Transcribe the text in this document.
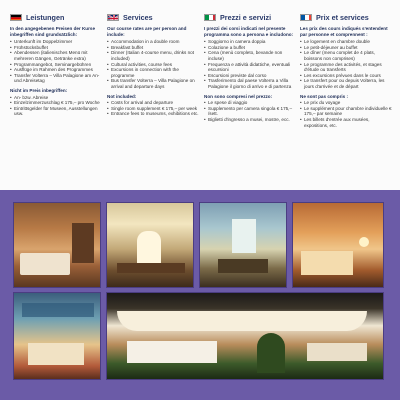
Leistungen
In den angegebenen Preisen der Kurse inbegriffen sind grundsätzlich:
• Unterkunft im Doppelzimmer
• Frühstücksbuffet
• Abendessen (italienisches Menü mit mehreren Gängen, Getränke extra)
• Programmangebot, Seminargebühren
• Ausflüge im Rahmen des Programmes
• Transfer Volterra – Villa Palagione am An- und Abreisetag
Nicht im Preis inbegriffen:
• An- bzw. Abreise
• Einzelzimmerzuschlag € 175,– pro Woche
• Eintrittsgelder für Museen, Ausstellungen usw.
Services
Our course rates are per person and include:
• Accommodation in a double room
• Breakfast buffet
• Dinner (Italian 4-course menu, drinks not included)
• Cultural activities, course fees
• Excursions in connection with the programme
• Bus transfer Volterra – Villa Palagione on arrival and departure days
Not included:
• Costs for arrival and departure
• Single room supplement € 175,– per week
• Entrance fees to museums, exhibitions etc.
Prezzi e servizi
I prezzi dei corsi indicati nel presente programma sono a persona e includono:
• Soggiorno in camera doppia
• Colazione a buffet
• Cena (menù completo, bevande non incluse)
• Frequenza e attività didattiche, eventuali escursioni
• Escursioni previste dal corso
• Trasferimento dal paese Volterra a Villa Palagione il giorno di arrivo e di partenza
Non sono compresi nel prezzo:
• Le spese di viaggio
• Supplemento per camera singola € 175,– /sett.
• Biglietti d'ingresso a musei, mostre, ecc.
Prix et services
Les prix des cours indiqués s'entendent par personne et comprennent :
• Le logement en chambre double
• Le petit-déjeuner au buffet
• Le dîner (menu complet de 4 plats, boissons non comprises)
• Le programme des activités, et stages d'étude ou transferts
• Les excursions prévues dans le cours
• Le transfert pour ou depuis Volterra, les jours d'arrivée et de départ
Ne sont pas compris :
• Le prix du voyage
• Le supplément pour chambre individuelle € 175,– par semaine
• Les billets d'entrée aux musées, expositions, etc.
